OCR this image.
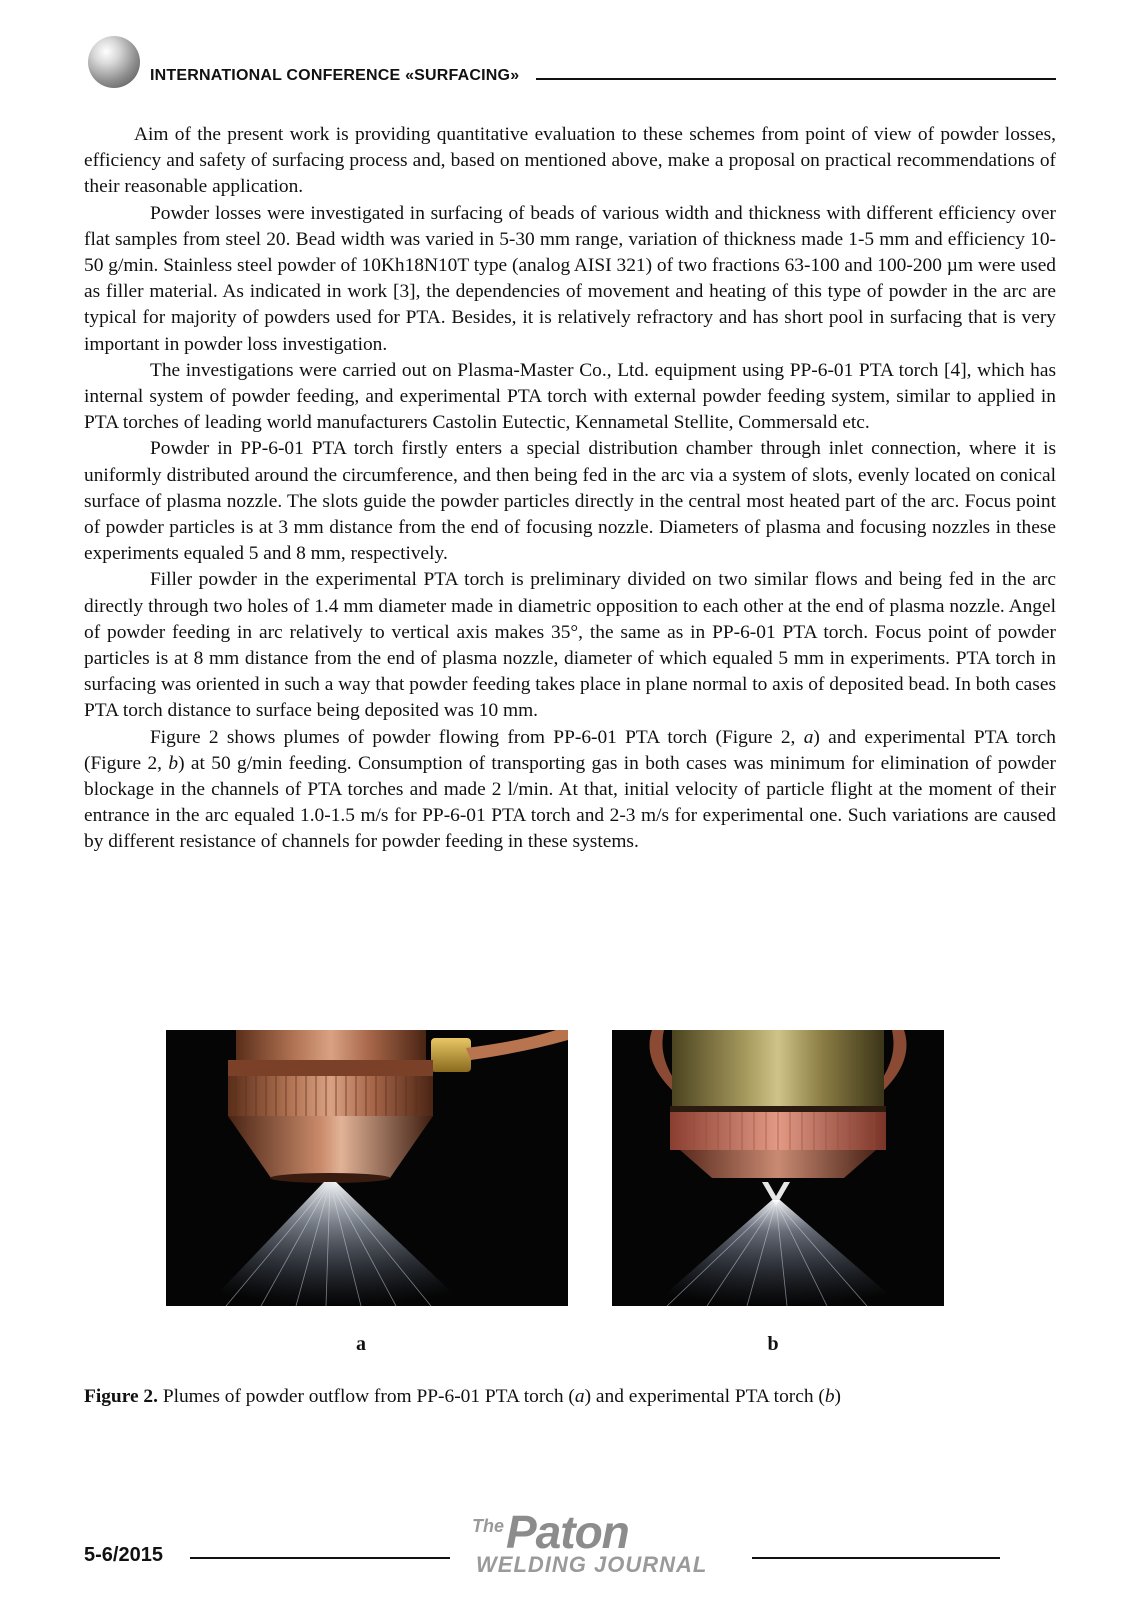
INTERNATIONAL CONFERENCE «SURFACING»

Aim of the present work is providing quantitative evaluation to these schemes from point of view of powder losses, efficiency and safety of surfacing process and, based on mentioned above, make a proposal on practical recommendations of their reasonable application.

Powder losses were investigated in surfacing of beads of various width and thickness with different efficiency over flat samples from steel 20. Bead width was varied in 5-30 mm range, variation of thickness made 1-5 mm and efficiency 10-50 g/min. Stainless steel powder of 10Kh18N10T type (analog AISI 321) of two fractions 63-100 and 100-200 µm were used as filler material. As indicated in work [3], the dependencies of movement and heating of this type of powder in the arc are typical for majority of powders used for PTA. Besides, it is relatively refractory and has short pool in surfacing that is very important in powder loss investigation.

The investigations were carried out on Plasma-Master Co., Ltd. equipment using PP-6-01 PTA torch [4], which has internal system of powder feeding, and experimental PTA torch with external powder feeding system, similar to applied in PTA torches of leading world manufacturers Castolin Eutectic, Kennametal Stellite, Commersald etc.

Powder in PP-6-01 PTA torch firstly enters a special distribution chamber through inlet connection, where it is uniformly distributed around the circumference, and then being fed in the arc via a system of slots, evenly located on conical surface of plasma nozzle. The slots guide the powder particles directly in the central most heated part of the arc. Focus point of powder particles is at 3 mm distance from the end of focusing nozzle. Diameters of plasma and focusing nozzles in these experiments equaled 5 and 8 mm, respectively.

Filler powder in the experimental PTA torch is preliminary divided on two similar flows and being fed in the arc directly through two holes of 1.4 mm diameter made in diametric opposition to each other at the end of plasma nozzle. Angel of powder feeding in arc relatively to vertical axis makes 35°, the same as in PP-6-01 PTA torch. Focus point of powder particles is at 8 mm distance from the end of plasma nozzle, diameter of which equaled 5 mm in experiments. PTA torch in surfacing was oriented in such a way that powder feeding takes place in plane normal to axis of deposited bead. In both cases PTA torch distance to surface being deposited was 10 mm.

Figure 2 shows plumes of powder flowing from PP-6-01 PTA torch (Figure 2, a) and experimental PTA torch (Figure 2, b) at 50 g/min feeding. Consumption of transporting gas in both cases was minimum for elimination of powder blockage in the channels of PTA torches and made 2 l/min. At that, initial velocity of particle flight at the moment of their entrance in the arc equaled 1.0-1.5 m/s for PP-6-01 PTA torch and 2-3 m/s for experimental one. Such variations are caused by different resistance of channels for powder feeding in these systems.

a	b
Figure 2. Plumes of powder outflow from PP-6-01 PTA torch (a) and experimental PTA torch (b)
5-6/2015
The Paton
WELDING JOURNAL
